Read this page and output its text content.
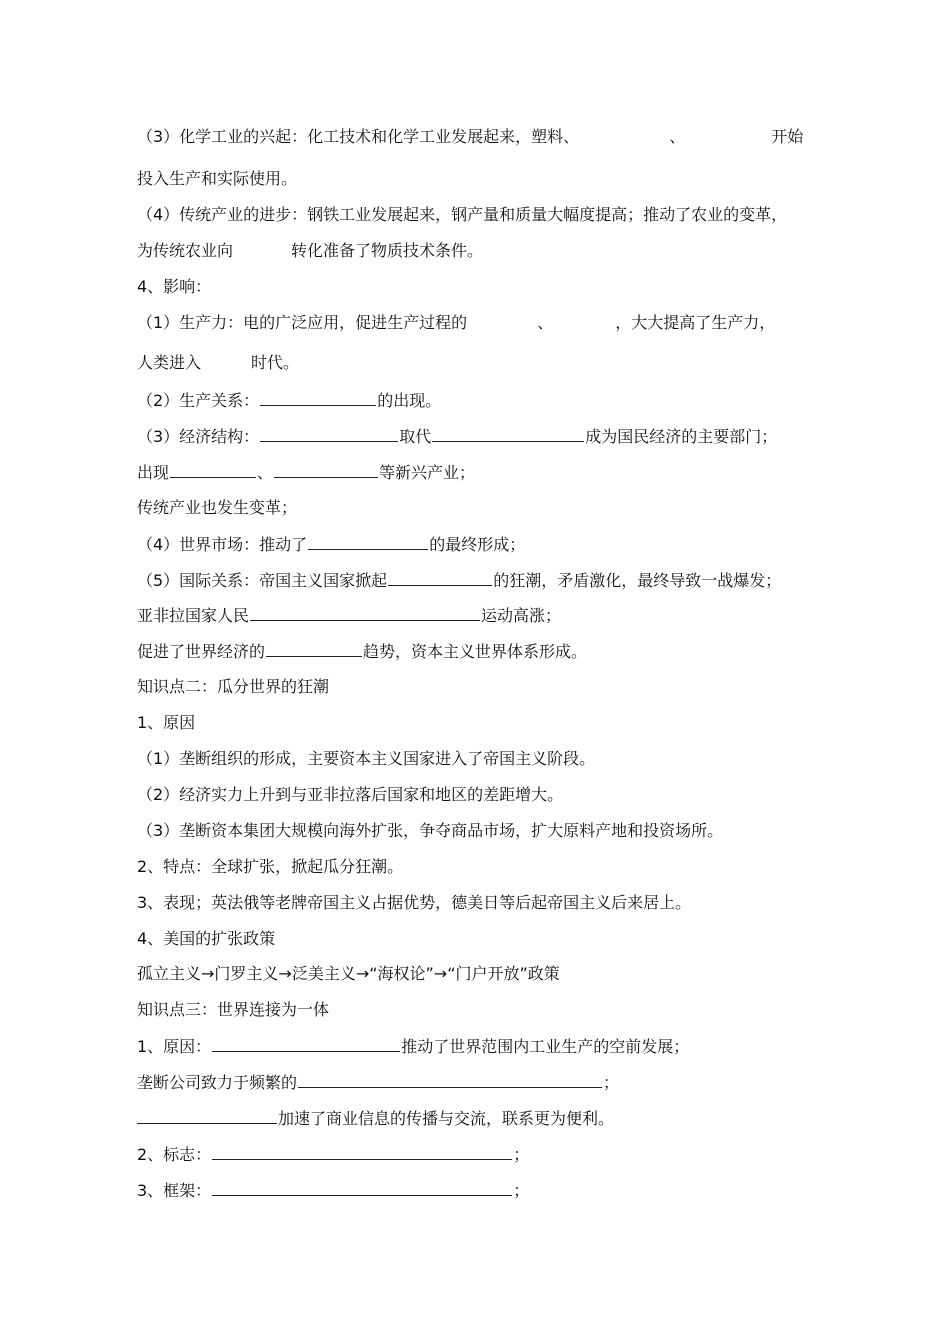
（3）化学工业的兴起：化工技术和化学工业发展起来，塑料、	、	开始
投入生产和实际使用。
（4）传统产业的进步：钢铁工业发展起来，钢产量和质量大幅度提高；推动了农业的变革，
为传统农业向	转化准备了物质技术条件。
4、影响：
（1）生产力：电的广泛应用，促进生产过程的	、	，大大提高了生产力，
人类进入	时代。
（2）生产关系：	的出现。
（3）经济结构：	取代	成为国民经济的主要部门；
出现	、	等新兴产业；
传统产业也发生变革；
（4）世界市场：推动了	的最终形成；
（5）国际关系：帝国主义国家掀起	的狂潮，矛盾激化，最终导致一战爆发；
亚非拉国家人民	运动高涨；
促进了世界经济的	趋势，资本主义世界体系形成。
知识点二：瓜分世界的狂潮
1、原因
（1）垄断组织的形成，主要资本主义国家进入了帝国主义阶段。
（2）经济实力上升到与亚非拉落后国家和地区的差距增大。
（3）垄断资本集团大规模向海外扩张，争夺商品市场，扩大原料产地和投资场所。
2、特点：全球扩张，掀起瓜分狂潮。
3、表现；英法俄等老牌帝国主义占据优势，德美日等后起帝国主义后来居上。
4、美国的扩张政策
孤立主义→门罗主义→泛美主义→“海权论”→“门户开放”政策
知识点三：世界连接为一体
1、原因：	推动了世界范围内工业生产的空前发展；
垄断公司致力于频繁的	；
加速了商业信息的传播与交流，联系更为便利。
2、标志：	；
3、框架：	；
